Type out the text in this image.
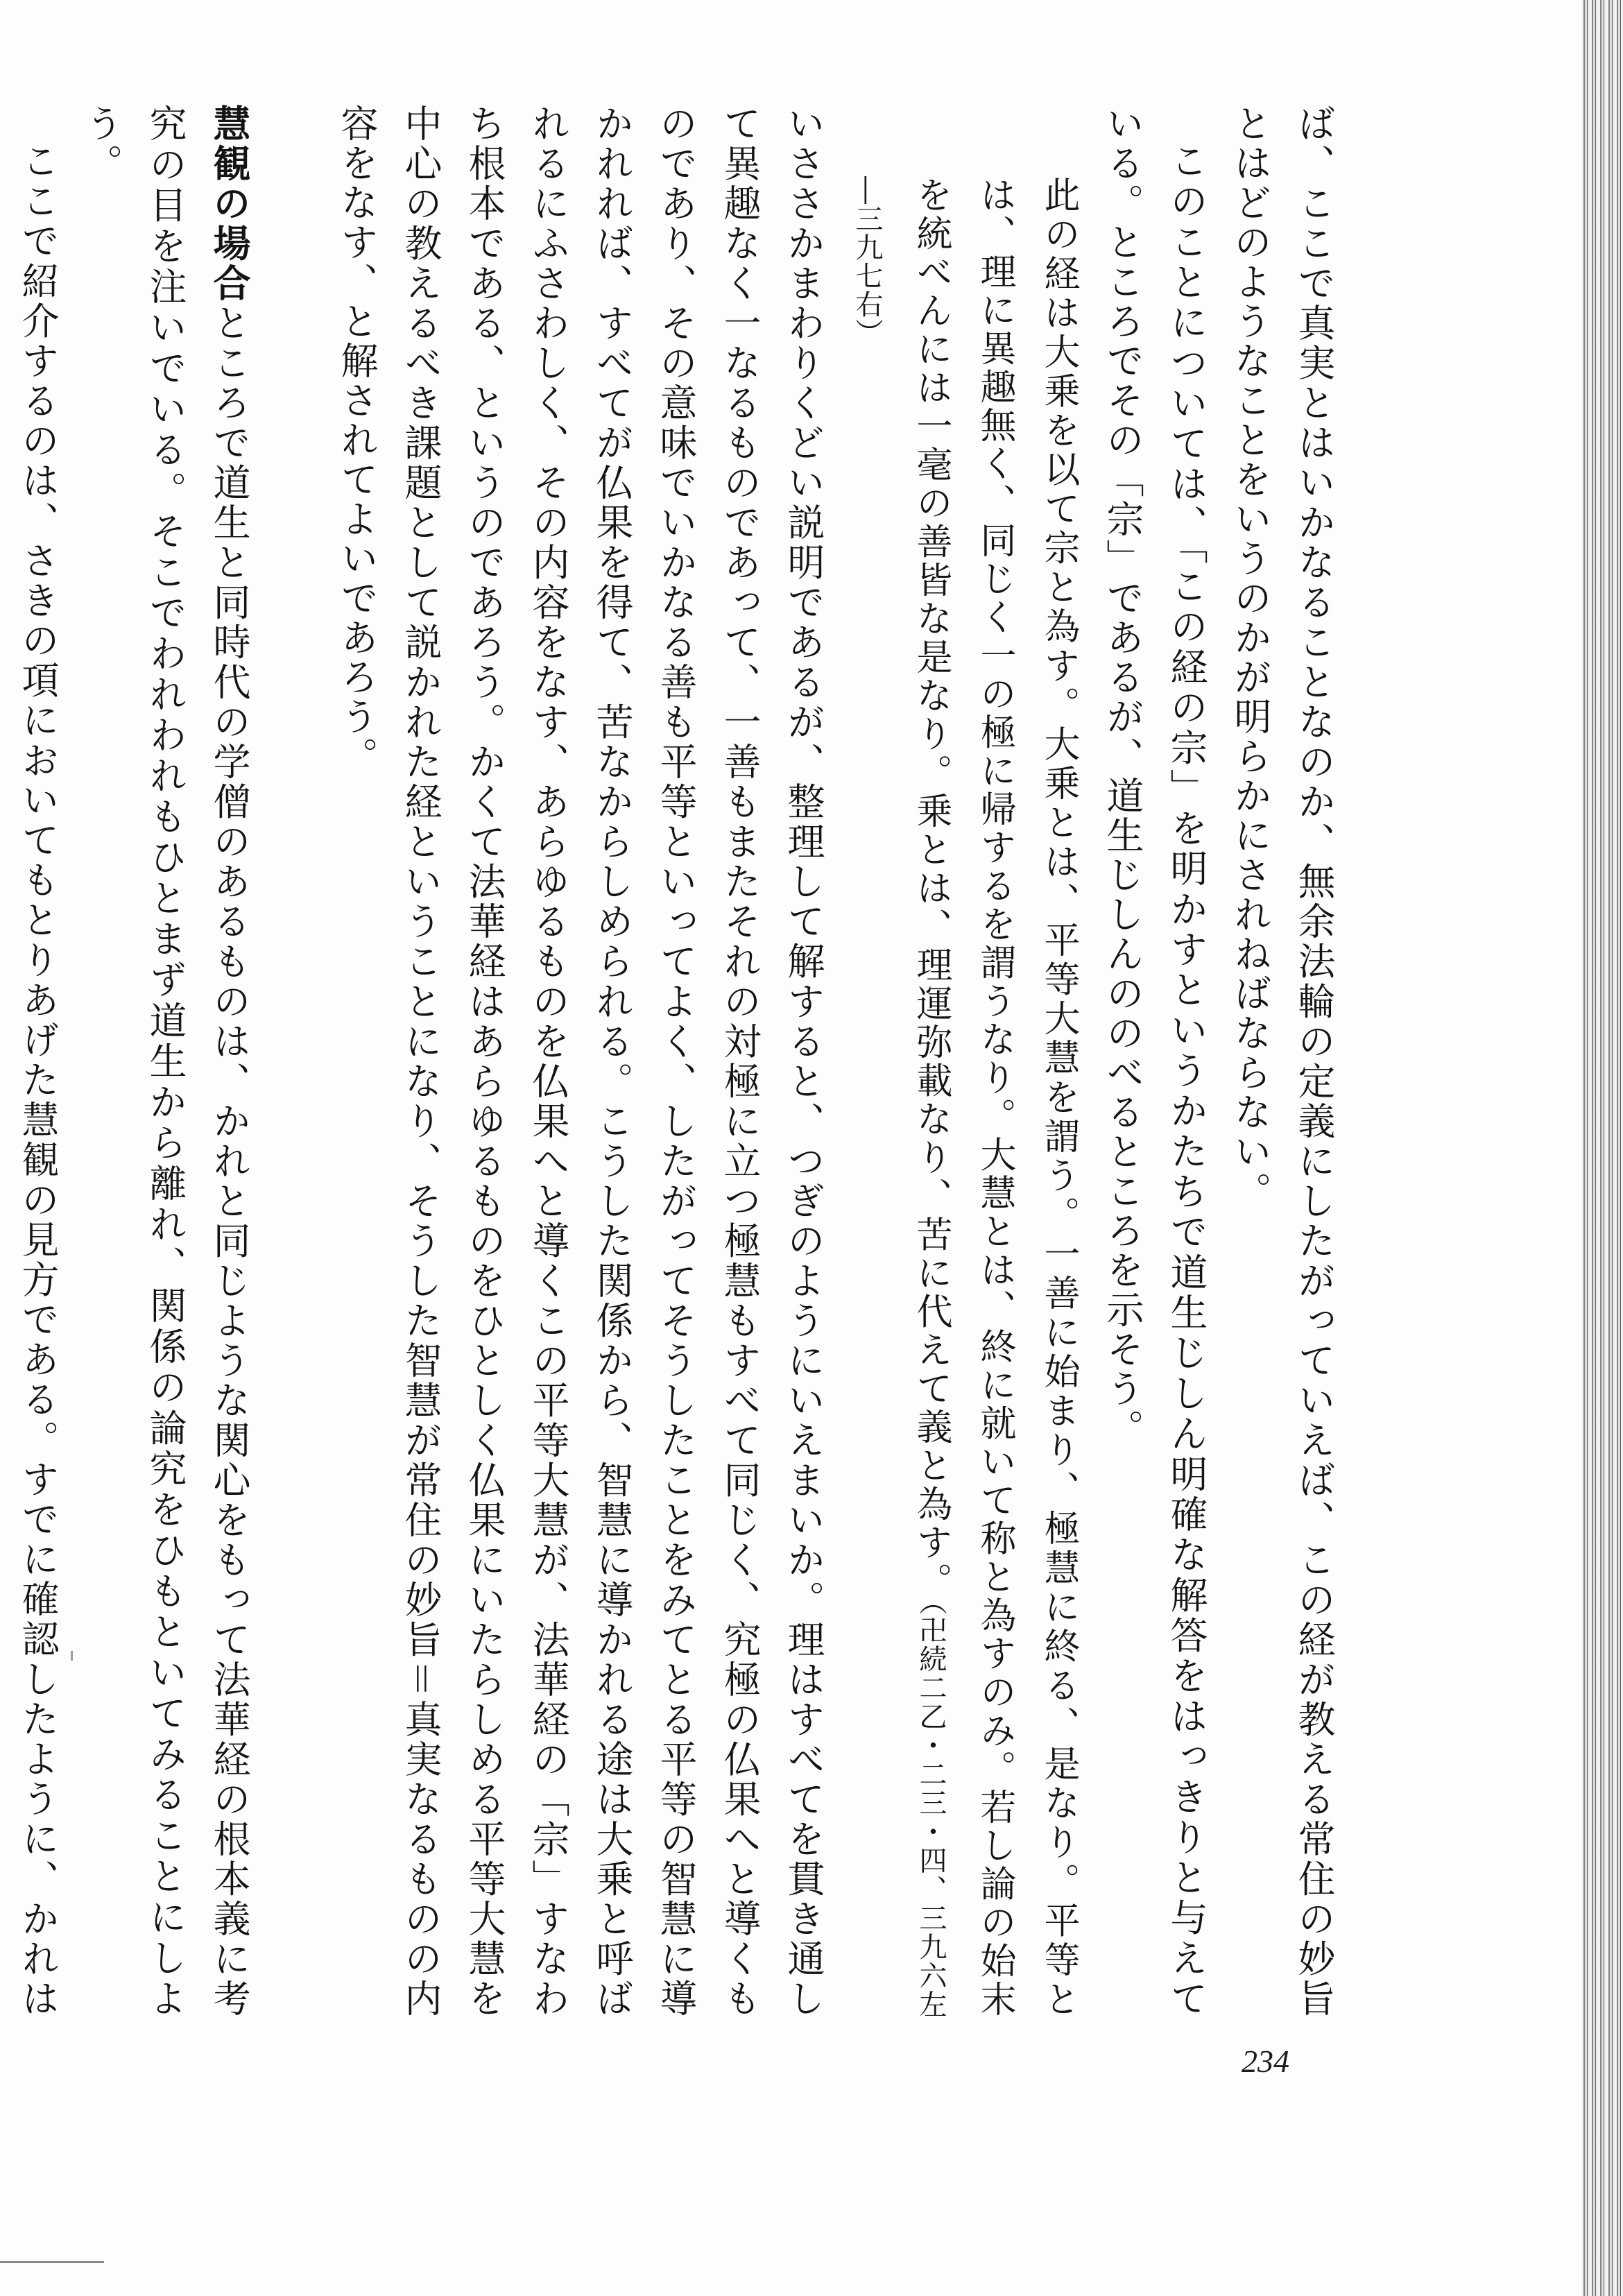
ば、ここで真実とはいかなることなのか、無余法輪の定義にしたがっていえば、この経が教える常住の妙旨とはどのようなことをいうのかが明らかにされねばならない。

このことについては、「この経の宗」を明かすというかたちで道生じしん明確な解答をはっきりと与えている。ところでその「宗」であるが、道生じしんののべるところを示そう。

此の経は大乗を以て宗と為す。大乗とは、平等大慧を謂う。一善に始まり、極慧に終る、是なり。平等とは、理に異趣無く、同じく一の極に帰するを謂うなり。大慧とは、終に就いて称と為すのみ。若し論の始末を統べんには一毫の善皆な是なり。乗とは、理運弥載なり、苦に代えて義と為す。（卍続二乙・二三・四、三九六左―三九七右）

いささかまわりくどい説明であるが、整理して解すると、つぎのようにいえまいか。理はすべてを貫き通して異趣なく一なるものであって、一善もまたそれの対極に立つ極慧もすべて同じく、究極の仏果へと導くものであり、その意味でいかなる善も平等といってよく、したがってそうしたことをみてとる平等の智慧に導かれれば、すべてが仏果を得て、苦なからしめられる。こうした関係から、智慧に導かれる途は大乗と呼ばれるにふさわしく、その内容をなす、あらゆるものを仏果へと導くこの平等大慧が、法華経の「宗」すなわち根本である、というのであろう。かくて法華経はあらゆるものをひとしく仏果にいたらしめる平等大慧を中心の教えるべき課題として説かれた経ということになり、そうした智慧が常住の妙旨＝真実なるものの内容をなす、と解されてよいであろう。

慧観の場合ところで道生と同時代の学僧のあるものは、かれと同じような関心をもって法華経の根本義に考究の目を注いでいる。そこでわれわれもひとまず道生から離れ、関係の論究をひもといてみることにしよう。

ここで紹介するのは、さきの項においてもとりあげた慧観の見方である。すでに確認したように、かれは

234
